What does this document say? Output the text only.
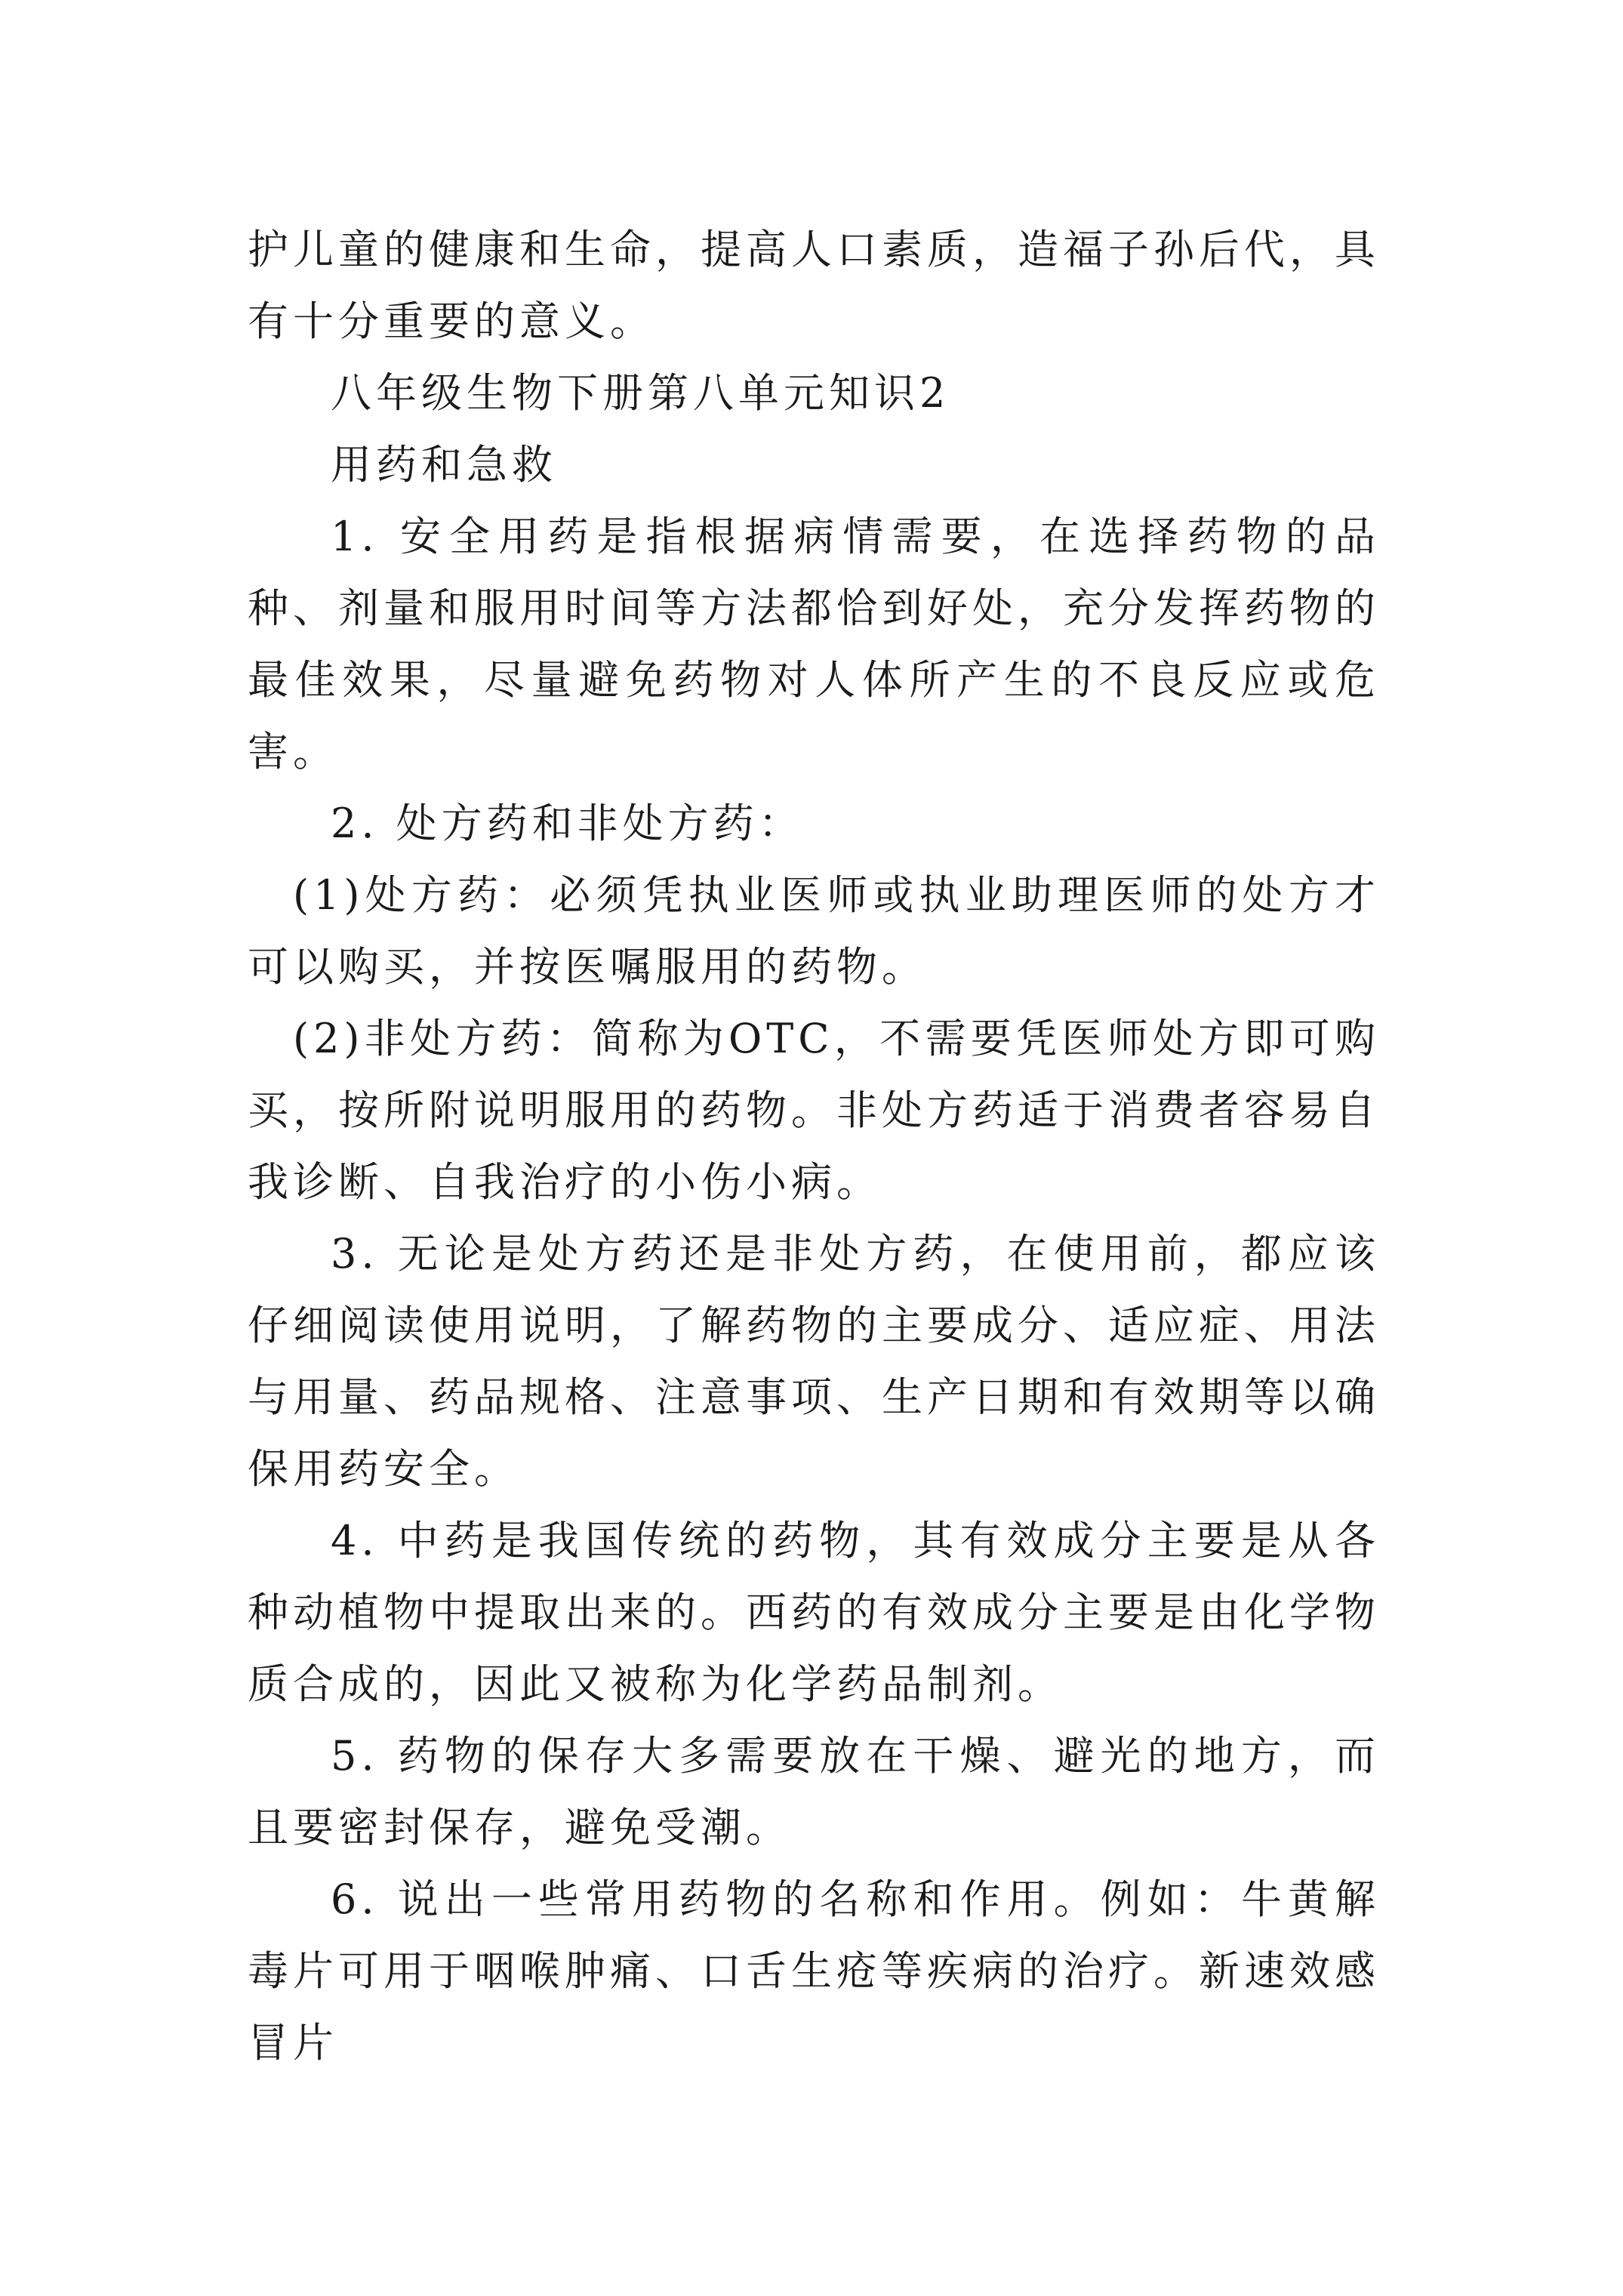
护儿童的健康和生命，提高人口素质，造福子孙后代，具有十分重要的意义。

八年级生物下册第八单元知识2

用药和急救

1. 安全用药是指根据病情需要，在选择药物的品种、剂量和服用时间等方法都恰到好处，充分发挥药物的最佳效果，尽量避免药物对人体所产生的不良反应或危害。

2. 处方药和非处方药：

(1)处方药：必须凭执业医师或执业助理医师的处方才可以购买，并按医嘱服用的药物。

(2)非处方药：简称为OTC，不需要凭医师处方即可购买，按所附说明服用的药物。非处方药适于消费者容易自我诊断、自我治疗的小伤小病。

3. 无论是处方药还是非处方药，在使用前，都应该仔细阅读使用说明，了解药物的主要成分、适应症、用法与用量、药品规格、注意事项、生产日期和有效期等以确保用药安全。

4. 中药是我国传统的药物，其有效成分主要是从各种动植物中提取出来的。西药的有效成分主要是由化学物质合成的，因此又被称为化学药品制剂。

5. 药物的保存大多需要放在干燥、避光的地方，而且要密封保存，避免受潮。

6. 说出一些常用药物的名称和作用。例如：牛黄解毒片可用于咽喉肿痛、口舌生疮等疾病的治疗。新速效感冒片
